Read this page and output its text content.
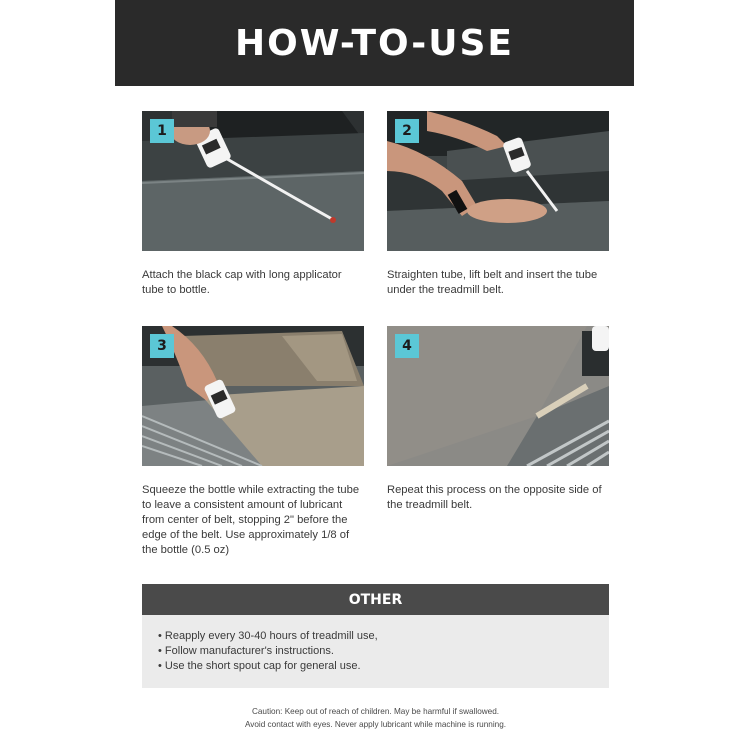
HOW-TO-USE
1
Attach the black cap with long applicator tube to bottle.
2
Straighten tube, lift belt and insert the tube under the treadmill belt.
3
Squeeze the bottle while extracting the tube to leave a consistent amount of lubricant from center of belt, stopping 2" before the edge of the belt. Use approximately 1/8 of the bottle (0.5 oz)
4
Repeat this process on the opposite side of the treadmill belt.
OTHER
• Reapply every 30-40 hours of treadmill use,
• Follow manufacturer's instructions.
• Use the short spout cap for general use.
Caution: Keep out of reach of children. May be harmful if swallowed.
Avoid contact with eyes. Never apply lubricant while machine is running.
